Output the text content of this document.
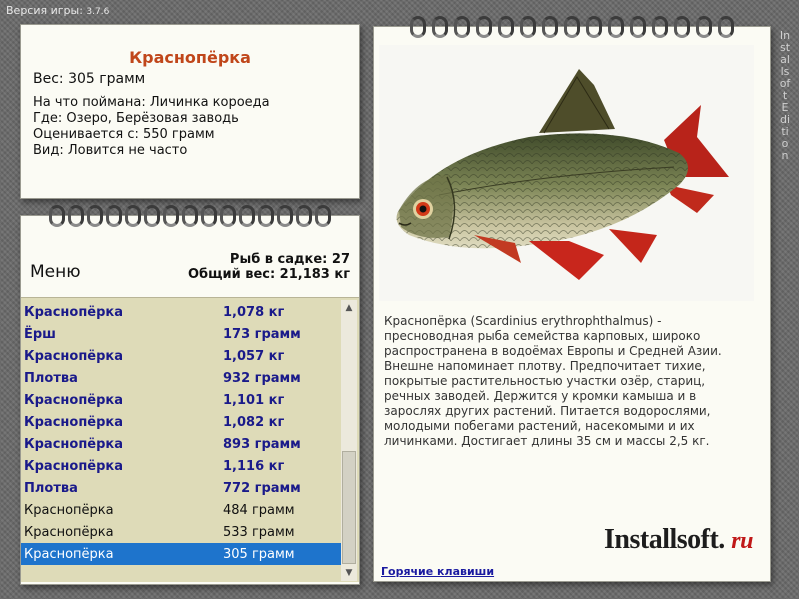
Версия игры: 3.7.6
Installsoft Edition
Краснопёрка
Вес: 305 грамм
На что поймана: Личинка короеда
Где: Озеро, Берёзовая заводь
Оценивается с: 550 грамм
Вид: Ловится не часто
Меню
Рыб в садке: 27
Общий вес: 21,183 кг
Краснопёрка	1,078 кг
Ёрш	173 грамм
Краснопёрка	1,057 кг
Плотва	932 грамм
Краснопёрка	1,101 кг
Краснопёрка	1,082 кг
Краснопёрка	893 грамм
Краснопёрка	1,116 кг
Плотва	772 грамм
Краснопёрка	484 грамм
Краснопёрка	533 грамм
Краснопёрка	305 грамм
▲
▼
Краснопёрка (Scardinius erythrophthalmus) - пресноводная рыба семейства карповых, широко распространена в водоёмах Европы и Средней Азии. Внешне напоминает плотву. Предпочитает тихие, покрытые растительностью участки озёр, стариц, речных заводей. Держится у кромки камыша и в зарослях других растений. Питается водорослями, молодыми побегами растений, насекомыми и их личинками. Достигает длины 35 см и массы 2,5 кг.
Installsoft. ru
Горячие клавиши
